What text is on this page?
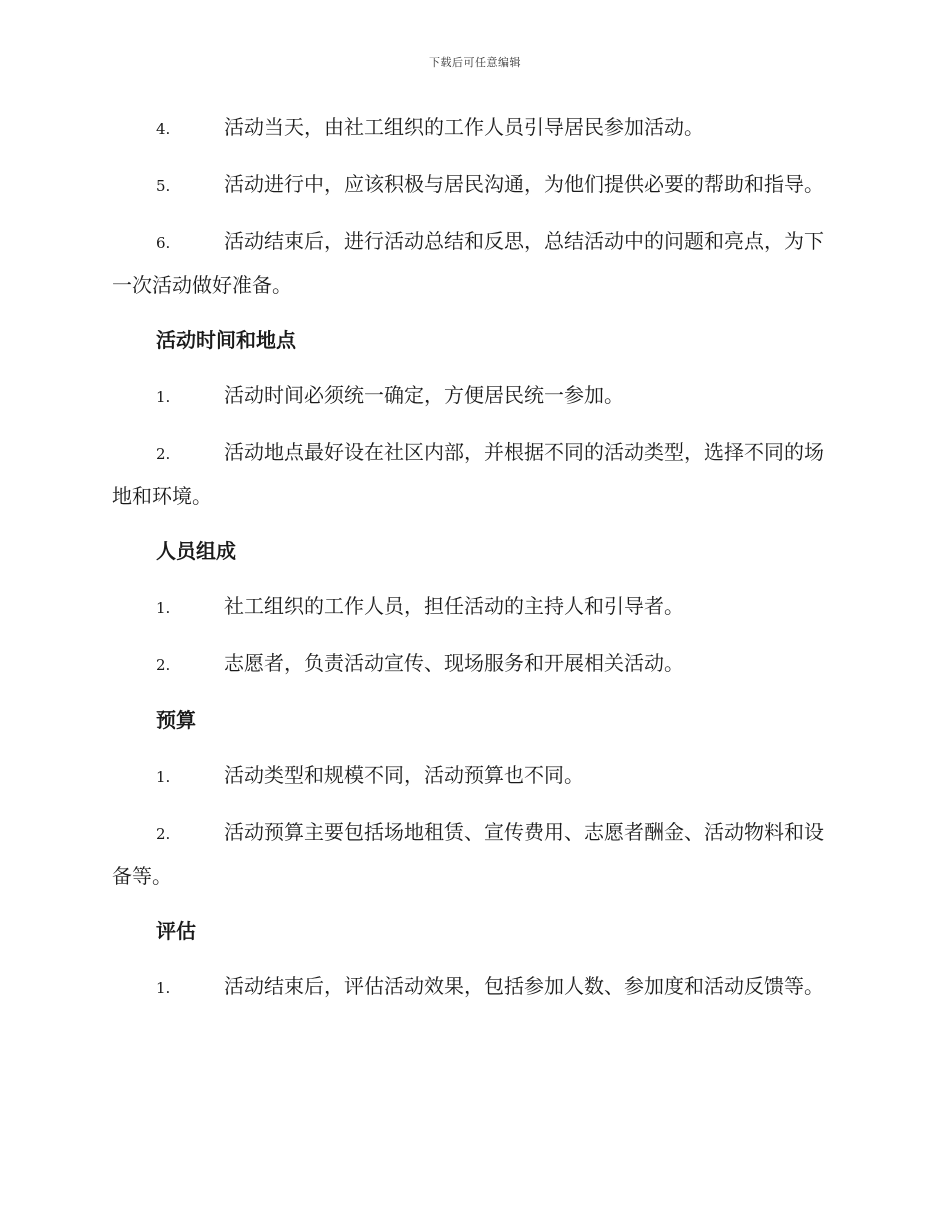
下载后可任意编辑

4.	活动当天，由社工组织的工作人员引导居民参加活动。

5.	活动进行中，应该积极与居民沟通，为他们提供必要的帮助和指导。

6.	活动结束后，进行活动总结和反思，总结活动中的问题和亮点，为下一次活动做好准备。

活动时间和地点

1.	活动时间必须统一确定，方便居民统一参加。

2.	活动地点最好设在社区内部，并根据不同的活动类型，选择不同的场地和环境。

人员组成

1.	社工组织的工作人员，担任活动的主持人和引导者。

2.	志愿者，负责活动宣传、现场服务和开展相关活动。

预算

1.	活动类型和规模不同，活动预算也不同。

2.	活动预算主要包括场地租赁、宣传费用、志愿者酬金、活动物料和设备等。

评估

1.	活动结束后，评估活动效果，包括参加人数、参加度和活动反馈等。
